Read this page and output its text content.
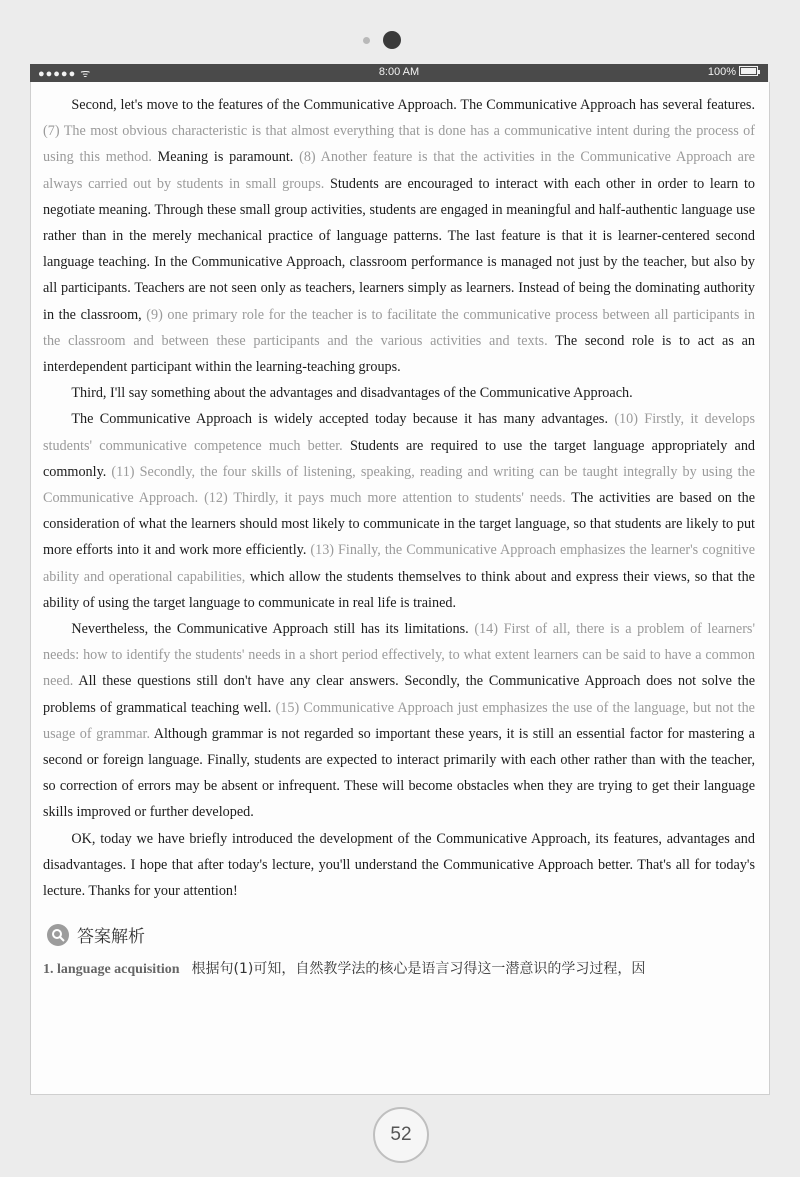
●●●●● ᯤ	8:00 AM	100%

Second, let's move to the features of the Communicative Approach. The Communicative Approach has several features. (7) The most obvious characteristic is that almost everything that is done has a communicative intent during the process of using this method. Meaning is paramount. (8) Another feature is that the activities in the Communicative Approach are always carried out by students in small groups. Students are encouraged to interact with each other in order to learn to negotiate meaning. Through these small group activities, students are engaged in meaningful and half-authentic language use rather than in the merely mechanical practice of language patterns. The last feature is that it is learner-centered second language teaching. In the Communicative Approach, classroom performance is managed not just by the teacher, but also by all participants. Teachers are not seen only as teachers, learners simply as learners. Instead of being the dominating authority in the classroom, (9) one primary role for the teacher is to facilitate the communicative process between all participants in the classroom and between these participants and the various activities and texts. The second role is to act as an interdependent participant within the learning-teaching groups.

Third, I'll say something about the advantages and disadvantages of the Communicative Approach.

The Communicative Approach is widely accepted today because it has many advantages. (10) Firstly, it develops students' communicative competence much better. Students are required to use the target language appropriately and commonly. (11) Secondly, the four skills of listening, speaking, reading and writing can be taught integrally by using the Communicative Approach. (12) Thirdly, it pays much more attention to students' needs. The activities are based on the consideration of what the learners should most likely to communicate in the target language, so that students are likely to put more efforts into it and work more efficiently. (13) Finally, the Communicative Approach emphasizes the learner's cognitive ability and operational capabilities, which allow the students themselves to think about and express their views, so that the ability of using the target language to communicate in real life is trained.

Nevertheless, the Communicative Approach still has its limitations. (14) First of all, there is a problem of learners' needs: how to identify the students' needs in a short period effectively, to what extent learners can be said to have a common need. All these questions still don't have any clear answers. Secondly, the Communicative Approach does not solve the problems of grammatical teaching well. (15) Communicative Approach just emphasizes the use of the language, but not the usage of grammar. Although grammar is not regarded so important these years, it is still an essential factor for mastering a second or foreign language. Finally, students are expected to interact primarily with each other rather than with the teacher, so correction of errors may be absent or infrequent. These will become obstacles when they are trying to get their language skills improved or further developed.

OK, today we have briefly introduced the development of the Communicative Approach, its features, advantages and disadvantages. I hope that after today's lecture, you'll understand the Communicative Approach better. That's all for today's lecture. Thanks for your attention!

答案解析
1. language acquisition 根据句(1)可知，自然教学法的核心是语言习得这一潜意识的学习过程，因
52
